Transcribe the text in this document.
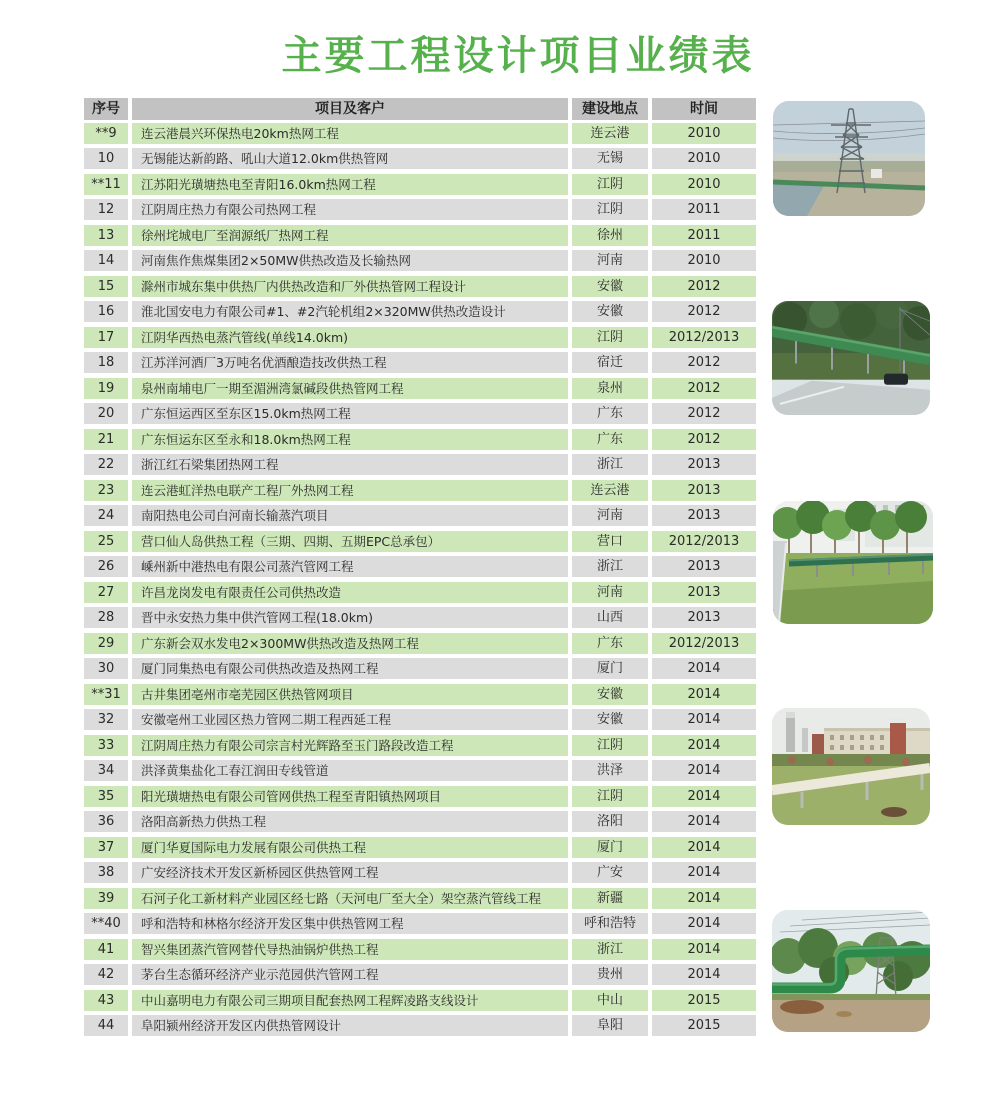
主要工程设计项目业绩表
序号	项目及客户	建设地点	时间
**9	连云港晨兴环保热电20km热网工程	连云港	2010
10	无锡能达新韵路、吼山大道12.0km供热管网	无锡	2010
**11	江苏阳光璜塘热电至青阳16.0km热网工程	江阴	2010
12	江阴周庄热力有限公司热网工程	江阴	2011
13	徐州垞城电厂至润源纸厂热网工程	徐州	2011
14	河南焦作焦煤集团2×50MW供热改造及长输热网	河南	2010
15	滁州市城东集中供热厂内供热改造和厂外供热管网工程设计	安徽	2012
16	淮北国安电力有限公司#1、#2汽轮机组2×320MW供热改造设计	安徽	2012
17	江阴华西热电蒸汽管线(单线14.0km)	江阴	2012/2013
18	江苏洋河酒厂3万吨名优酒酿造技改供热工程	宿迁	2012
19	泉州南埔电厂一期至湄洲湾氯碱段供热管网工程	泉州	2012
20	广东恒运西区至东区15.0km热网工程	广东	2012
21	广东恒运东区至永和18.0km热网工程	广东	2012
22	浙江红石梁集团热网工程	浙江	2013
23	连云港虹洋热电联产工程厂外热网工程	连云港	2013
24	南阳热电公司白河南长输蒸汽项目	河南	2013
25	营口仙人岛供热工程（三期、四期、五期EPC总承包）	营口	2012/2013
26	嵊州新中港热电有限公司蒸汽管网工程	浙江	2013
27	许昌龙岗发电有限责任公司供热改造	河南	2013
28	晋中永安热力集中供汽管网工程(18.0km)	山西	2013
29	广东新会双水发电2×300MW供热改造及热网工程	广东	2012/2013
30	厦门同集热电有限公司供热改造及热网工程	厦门	2014
**31	古井集团亳州市亳芜园区供热管网项目	安徽	2014
32	安徽亳州工业园区热力管网二期工程西延工程	安徽	2014
33	江阴周庄热力有限公司宗言村光辉路至玉门路段改造工程	江阴	2014
34	洪泽黄集盐化工春江润田专线管道	洪泽	2014
35	阳光璜塘热电有限公司管网供热工程至青阳镇热网项目	江阴	2014
36	洛阳高新热力供热工程	洛阳	2014
37	厦门华夏国际电力发展有限公司供热工程	厦门	2014
38	广安经济技术开发区新桥园区供热管网工程	广安	2014
39	石河子化工新材料产业园区经七路（天河电厂至大全）架空蒸汽管线工程	新疆	2014
**40	呼和浩特和林格尔经济开发区集中供热管网工程	呼和浩特	2014
41	智兴集团蒸汽管网替代导热油锅炉供热工程	浙江	2014
42	茅台生态循环经济产业示范园供汽管网工程	贵州	2014
43	中山嘉明电力有限公司三期项目配套热网工程辉凌路支线设计	中山	2015
44	阜阳颍州经济开发区内供热管网设计	阜阳	2015
